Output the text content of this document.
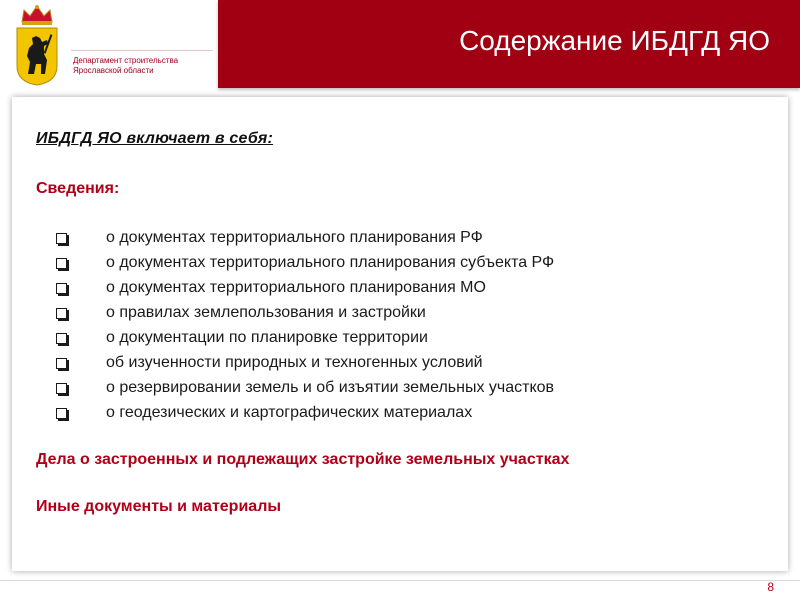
Департамент строительства
Ярославской области
Содержание ИБДГД ЯО
ИБДГД ЯО включает в себя:
Сведения:
о документах территориального планирования РФ
о документах территориального планирования субъекта РФ
о документах территориального планирования МО
о правилах землепользования и застройки
о документации по планировке территории
об изученности природных и техногенных условий
о резервировании земель и об изъятии земельных участков
о геодезических и картографических материалах
Дела о застроенных и подлежащих застройке земельных участках
Иные документы и материалы
8
